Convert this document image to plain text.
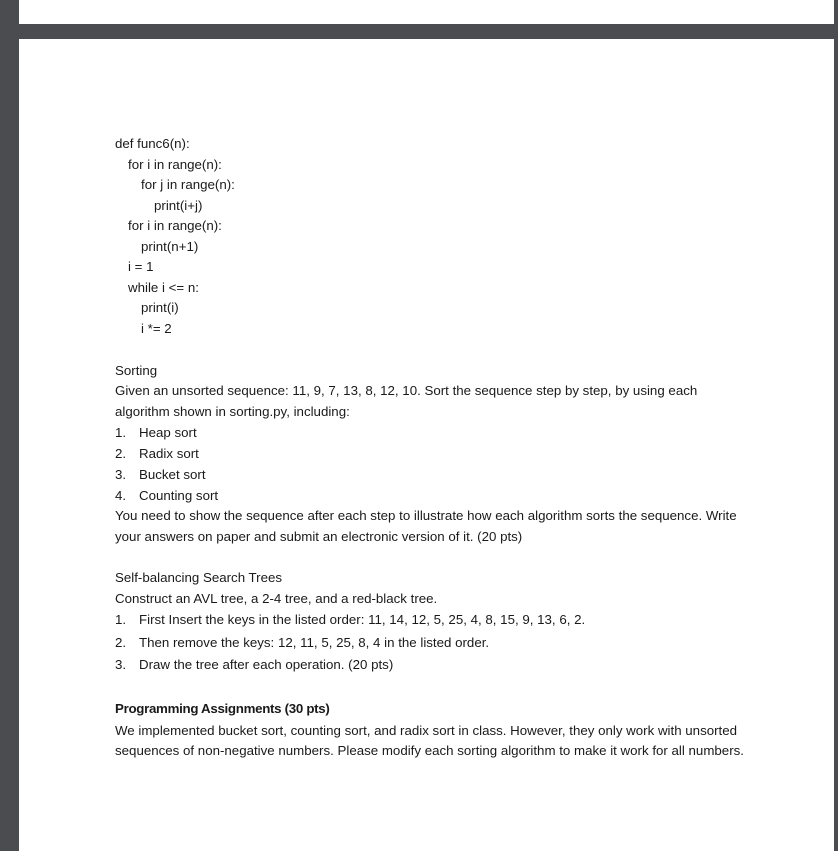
def func6(n):
for i in range(n):
for j in range(n):
print(i+j)
for i in range(n):
print(n+1)
i = 1
while i <= n:
print(i)
i *= 2
Sorting

Given an unsorted sequence: 11, 9, 7, 13, 8, 12, 10. Sort the sequence step by step, by using each algorithm shown in sorting.py, including:

1. Heap sort
2. Radix sort
3. Bucket sort
4. Counting sort

You need to show the sequence after each step to illustrate how each algorithm sorts the sequence. Write your answers on paper and submit an electronic version of it. (20 pts)

Self-balancing Search Trees
Construct an AVL tree, a 2-4 tree, and a red-black tree.
1. First Insert the keys in the listed order: 11, 14, 12, 5, 25, 4, 8, 15, 9, 13, 6, 2.
2. Then remove the keys: 12, 11, 5, 25, 8, 4 in the listed order.
3. Draw the tree after each operation. (20 pts)
Programming Assignments (30 pts)

We implemented bucket sort, counting sort, and radix sort in class. However, they only work with unsorted sequences of non-negative numbers. Please modify each sorting algorithm to make it work for all numbers.
